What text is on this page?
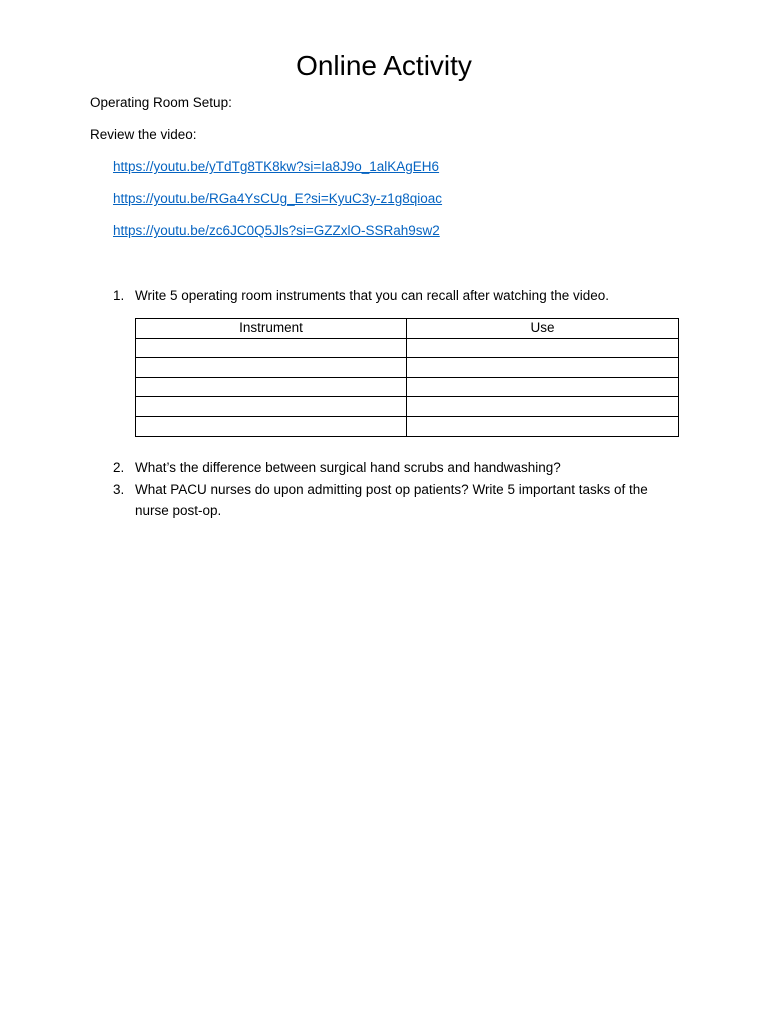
Online Activity
Operating Room Setup:
Review the video:
https://youtu.be/yTdTg8TK8kw?si=Ia8J9o_1alKAgEH6
https://youtu.be/RGa4YsCUg_E?si=KyuC3y-z1g8qioac
https://youtu.be/zc6JC0Q5Jls?si=GZZxlO-SSRah9sw2
1. Write 5 operating room instruments that you can recall after watching the video.
Instrument	Use

2. What’s the difference between surgical hand scrubs and handwashing?
3. What PACU nurses do upon admitting post op patients? Write 5 important tasks of the nurse post-op.
